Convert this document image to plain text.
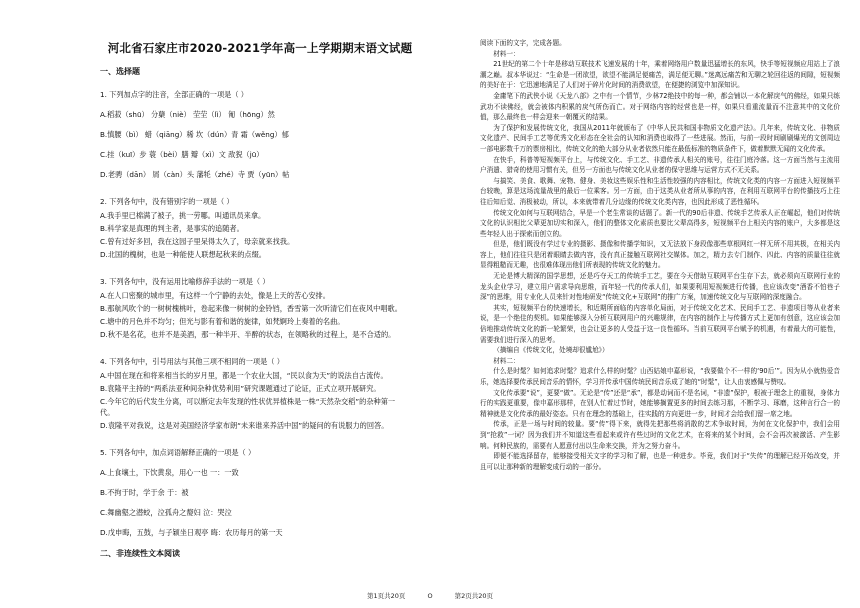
河北省石家庄市2020-2021学年高一上学期期末语文试题
一、选择题
1. 下列加点字的注音，全部正确的一项是（ ）
A.稻菽（shū） 分蘖（niè） 茔茔（lì） 匍（hōng）然
B.慎腰（bì） 蜡（qiāng）稀 坎（dún）青 霜（wěng）郁
C.挂（kuī）步 蓑（bèi）膳 瓣（xì）文 敌猊（jū）
D.老骋（dān） 屑（càn）头 藩牦（zhé）寺 贾（yūn）帖
2. 下列各句中，没有错别字的一项是（ ）
A.我手里已棉满了被子，挑一劳哪。叫通讯员来拿。
B.科学家是真理的判主者，是事实的追随者。
C.曾有过好多回，我在这园子里呆得太久了，母亲就来找我。
D.北国的槐树，也是一种能使人联想起秋来的点缀。
3. 下列各句中，没有运用比喻修辞手法的一项是（ ）
A.在人口密聚的城市里，有这样一个宁静的去处，像是上天的苦心安排。
B.那航风吹个的一树树槐桃叶，卷起来像一树树的金铃铛，香雪第一次听清它们在夜风中唱歌。
C.塘中的月色并不均匀；但光与影有着和谐的旋律，如梵婀玲上奏着的名曲。
D.秋不是名花，也并不是美酒，那一种半开、半醉的状态，在领略秋的过程上，是不合适的。
4. 下列各句中，引号用法与其他三项不相同的一项是（ ）
A.中国在现在和将来相当长的岁月里，都是一个农业大国，“民以食为天”的说法自古流传。
B.袁隆平主持的“两系法亚种间杂种优势利用”研究课题通过了论证，正式立项开展研究。
C.今年它的后代发生分离，可以断定去年发现的性状优异植株是一株“天然杂交稻”的杂种第一代。
D.袁隆平对我说，这是对美国经济学家布朗“未来谁来养活中国”的疑问的有说服力的回答。
5. 下列各句中，加点词语解释正确的一项是（ ）
A.上食壤土，下饮黄泉，用心一也 一：一致
B.不拘于时，学于余 于：被
C.舞幽壑之潜蛟，泣孤舟之嫠妇 泣：哭泣
D.戊申晦，五鼓，与子颖坐日观亭 晦：农历每月的第一天
二、非连续性文本阅读

阅读下面的文字，完成各题。

材料一：

21世纪的第二个十年是移动互联技术飞速发展的十年，乘着网络用户数量迅猛增长的东风，快手等短视频应用站上了浪潮之巅。叔本华说过：“生命是一团欲望，欲望不能满足便痛苦，满足便无聊。”迷离远痛苦和无聊之轮回往返的间隙，短视频的美好在于：它迅速地满足了人们对于碎片化时间的消费欲望，在便捷的浏览中加深知识。

金庸笔下的武侠小说《天龙八部》之中有一个情节，少林72绝技中的每一种，都会铺以一本化解戾气的佛经，如果只练武功不读佛经，就会被体内积累的戾气所伤而亡。对于网络内容的经营也是一样，如果只看重流量而不注意其中的文化价值，那么最终也一样会迎来一朝覆灭的结果。

为了保护和发展传统文化，我国从2011年就颁布了《中华人民共和国非物质文化遗产法》。几年来，传统文化、非物质文化遗产、民间手工艺等优秀文化形态在全社会的认知和消费也取得了一些进展。然而，与前一段时间刷刷爆光的文创周边一部电影数千万的票房相比，传统文化的绝大部分从业者依然只能在最低标准的物质条件下，做着默默无闻的文化传承。

在快手，科普等短视频平台上，与传统文化、手工艺、非遗传承人相关的账号，往往门庭冷落。这一方面当然与主流用户消遣、猎奇的使用习惯有关，但另一方面也与传统文化从业者的保守思维与运营方式不无关系。

与搞笑、美食、歌舞、宠物、健身、美妆这些娱乐性和生活性较强的内容相比，传统文化类的内容一方面进入短视频平台较晚，算是这场流量战里的最后一位乘客。另一方面，由于这类从业者所从事的内容，在利用互联网平台的传播技巧上往往后知后觉、消极被动，所以，本来就带着几分边缘的传统文化类内容，也因此形成了恶性循环。

传统文化如何与互联网结合，早是一个老生常谈的话题了。新一代的90后非遗、传统手艺传承人正在崛起，他们对传统文化的认识相比父辈更加切实和深入，他们的整体文化素质也要比父辈高得多，短视频平台上相关内容的账户，大多都是这些年轻人出于探索而创立的。

但是，他们既没有学过专业的摄影、摄像和传播学知识，又无法放下身段像那些草根网红一样无所不用其极，在相关内容上，他们往往只是闭着眼睛去做内容，没有真正接触互联网社交媒体。加之，精力去专门制作、四此、内容的质量往往就显得粗糙而无趣，也很难体现出他们所表现的传统文化的魅力。

无论是博大精深的国学思想，还是巧夺天工的传统手工艺，要在今天借助互联网平台生存下去，就必须向互联网行业的龙头企业学习，建立用户需求导向思维，而年轻一代的传承人们，如果要利用短视频进行传播，也应该改变“酒香不怕巷子深”的思维，用专业化人员来针对性地研发“传统文化+互联网”的推广方案，加速传统文化与互联网的深度融合。

其实，短视频平台的快速增长，和近期所面临的内容单化局面，对于传统文化艺术、民间手工艺、非遗项目等从业者来说，是一个绝佳的契机。如果能够深入分析互联网用户的兴趣规律，在内容的制作上与传播方式上更加有创意，这应该会加倍地推动传统文化的新一轮繁荣，也会让更多的人受益于这一良性循环。当前互联网平台赋予的机遇，有着最大的可能性，需要我们进行深入的思考。

（摘编自《传统文化，处境却很尴尬》）

材料二：

什么是时髦？如何追求时髦？追求什么样的时髦？山西姑娘申嘉形说，“我要做个不一样的‘90后’”。因为从小就热爱音乐，她选择要传承民间音乐的情怀，学习并传承中国传统民间音乐成了她的“时髦”，让人由衷感佩与赞叹。

文化传承要“说”，更要“做”。无论是“传”还是“承”，都是动词而不是名词，“非遗”保护，根被于理念上的重视，身体力行的实践更重要，像申嘉形那样，在别人忙着过节时，她能够搁置更多的时间去练习那，不断学习、琢磨，这种言行合一的精神就是文化传承的最好姿态。只有在理念的基础上，往实践的方向更进一步，时间才会给我们留一席之地。

传承，正是一场与时间的较量。要“传”得下来，就得先把那些将消散的艺术争取时间，为何在文化保护中，我们会用到“抢救”一词？因为我们并不知道这些看起来或许有些过时的文化艺术，在将来的某个时间，会不会再次被激活、产生影响。何种民族的，需要有人愿意付出以生命来交换，并为之努力奋斗。

即便不能选择留存，能够接受相关文字的学习和了解，也是一种进步。毕竟，我们对于“失传”的理解已经开始改变，并且可以让那种新的理解变成行动的一部分。

第1页共20页	O	第2页共20页
